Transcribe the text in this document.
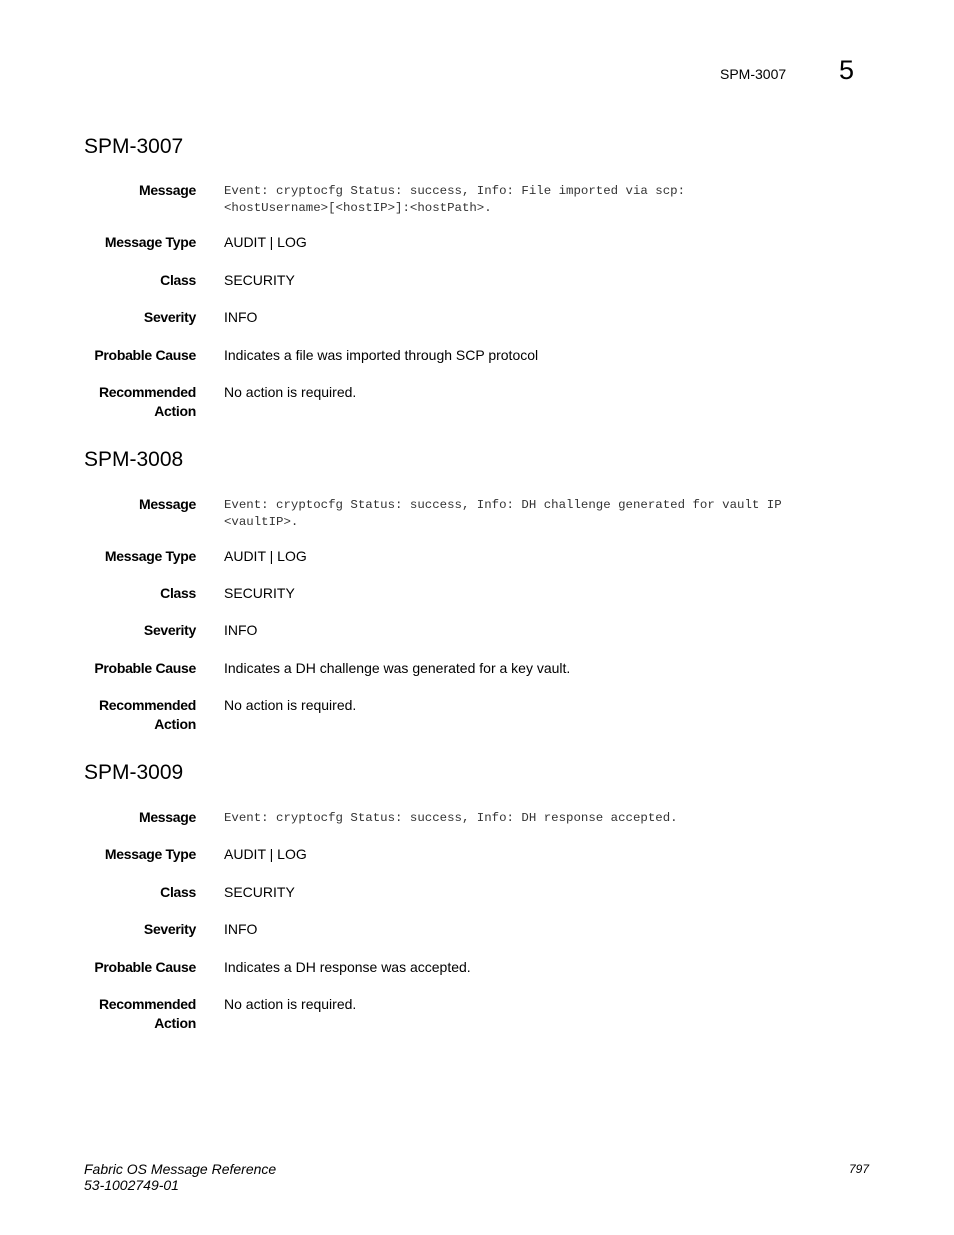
SPM-3007 5
SPM-3007
Message Event: cryptocfg Status: success, Info: File imported via scp:
<hostUsername>[<hostIP>]:<hostPath>.
Message Type AUDIT | LOG
Class SECURITY
Severity INFO
Probable Cause Indicates a file was imported through SCP protocol
Recommended
Action
No action is required.
SPM-3008
Message Event: cryptocfg Status: success, Info: DH challenge generated for vault IP
<vaultIP>.
Message Type AUDIT | LOG
Class SECURITY
Severity INFO
Probable Cause Indicates a DH challenge was generated for a key vault.
Recommended
Action
No action is required.
SPM-3009
Message Event: cryptocfg Status: success, Info: DH response accepted.
Message Type AUDIT | LOG
Class SECURITY
Severity INFO
Probable Cause Indicates a DH response was accepted.
Recommended
Action
No action is required.
Fabric OS Message Reference
53-1002749-01
797
